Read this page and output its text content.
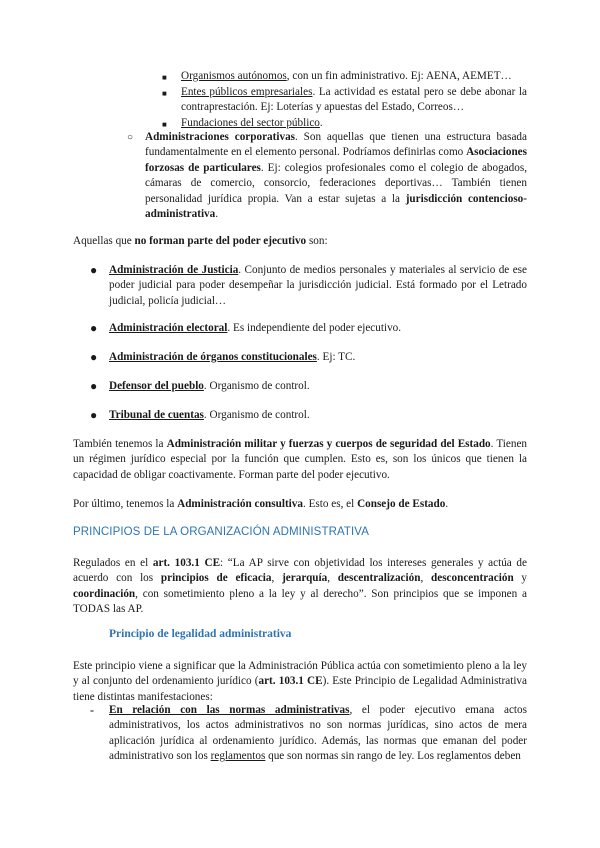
■ Organismos autónomos, con un fin administrativo. Ej: AENA, AEMET…

■ Entes públicos empresariales. La actividad es estatal pero se debe abonar la contraprestación. Ej: Loterías y apuestas del Estado, Correos…

■ Fundaciones del sector público.

○ Administraciones corporativas. Son aquellas que tienen una estructura basada fundamentalmente en el elemento personal. Podríamos definirlas como Asociaciones forzosas de particulares. Ej: colegios profesionales como el colegio de abogados, cámaras de comercio, consorcio, federaciones deportivas… También tienen personalidad jurídica propia. Van a estar sujetas a la jurisdicción contencioso-administrativa.

Aquellas que no forman parte del poder ejecutivo son:

● Administración de Justicia. Conjunto de medios personales y materiales al servicio de ese poder judicial para poder desempeñar la jurisdicción judicial. Está formado por el Letrado judicial, policía judicial…

● Administración electoral. Es independiente del poder ejecutivo.

● Administración de órganos constitucionales. Ej: TC.

● Defensor del pueblo. Organismo de control.

● Tribunal de cuentas. Organismo de control.

También tenemos la Administración militar y fuerzas y cuerpos de seguridad del Estado. Tienen un régimen jurídico especial por la función que cumplen. Esto es, son los únicos que tienen la capacidad de obligar coactivamente. Forman parte del poder ejecutivo.

Por último, tenemos la Administración consultiva. Esto es, el Consejo de Estado.

PRINCIPIOS DE LA ORGANIZACIÓN ADMINISTRATIVA

Regulados en el art. 103.1 CE: “La AP sirve con objetividad los intereses generales y actúa de acuerdo con los principios de eficacia, jerarquía, descentralización, desconcentración y coordinación, con sometimiento pleno a la ley y al derecho”. Son principios que se imponen a TODAS las AP.

Principio de legalidad administrativa

Este principio viene a significar que la Administración Pública actúa con sometimiento pleno a la ley y al conjunto del ordenamiento jurídico (art. 103.1 CE). Este Principio de Legalidad Administrativa tiene distintas manifestaciones:

- En relación con las normas administrativas, el poder ejecutivo emana actos administrativos, los actos administrativos no son normas jurídicas, sino actos de mera aplicación jurídica al ordenamiento jurídico. Además, las normas que emanan del poder administrativo son los reglamentos que son normas sin rango de ley. Los reglamentos deben
